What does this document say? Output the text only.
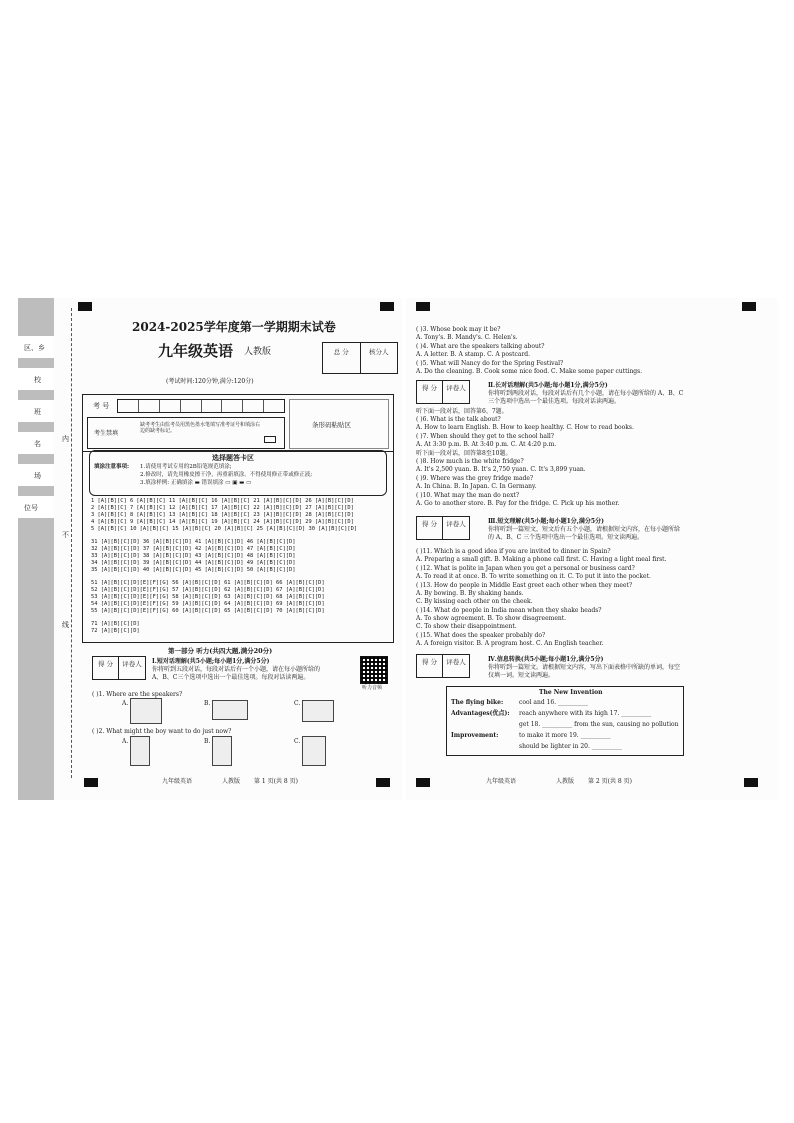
区、乡
校
班
名
场
位号
内
不
线
2024-2025学年度第一学期期末试卷
九年级英语 人教版	总 分	核分人
(考试时间:120分钟,满分:120分)
考 号
考生禁填
缺考考生由监考员用黑色墨水笔填写准考证号和填涂右边的缺考标记。
条形码粘贴区
选择题答卡区
填涂注意事项: 1.请使用考试专用的2B铅笔规范填涂;
2.修改时，请先用橡皮擦干净，再重新填涂。不得使用修正带或修正液;
3.填涂样例: 正确填涂 ▬ 错误填涂 ▭ ▣ ▬ ▭
1 [A][B][C] 6 [A][B][C] 11 [A][B][C] 16 [A][B][C] 21 [A][B][C][D] 26 [A][B][C][D]
2 [A][B][C] 7 [A][B][C] 12 [A][B][C] 17 [A][B][C] 22 [A][B][C][D] 27 [A][B][C][D]
3 [A][B][C] 8 [A][B][C] 13 [A][B][C] 18 [A][B][C] 23 [A][B][C][D] 28 [A][B][C][D]
4 [A][B][C] 9 [A][B][C] 14 [A][B][C] 19 [A][B][C] 24 [A][B][C][D] 29 [A][B][C][D]
5 [A][B][C] 10 [A][B][C] 15 [A][B][C] 20 [A][B][C] 25 [A][B][C][D] 30 [A][B][C][D]
31 [A][B][C][D] 36 [A][B][C][D] 41 [A][B][C][D] 46 [A][B][C][D]
32 [A][B][C][D] 37 [A][B][C][D] 42 [A][B][C][D] 47 [A][B][C][D]
33 [A][B][C][D] 38 [A][B][C][D] 43 [A][B][C][D] 48 [A][B][C][D]
34 [A][B][C][D] 39 [A][B][C][D] 44 [A][B][C][D] 49 [A][B][C][D]
35 [A][B][C][D] 40 [A][B][C][D] 45 [A][B][C][D] 50 [A][B][C][D]
51 [A][B][C][D][E][F][G] 56 [A][B][C][D] 61 [A][B][C][D] 66 [A][B][C][D]
52 [A][B][C][D][E][F][G] 57 [A][B][C][D] 62 [A][B][C][D] 67 [A][B][C][D]
53 [A][B][C][D][E][F][G] 58 [A][B][C][D] 63 [A][B][C][D] 68 [A][B][C][D]
54 [A][B][C][D][E][F][G] 59 [A][B][C][D] 64 [A][B][C][D] 69 [A][B][C][D]
55 [A][B][C][D][E][F][G] 60 [A][B][C][D] 65 [A][B][C][D] 70 [A][B][C][D]
71 [A][B][C][D]
72 [A][B][C][D]
第一部分 听力(共四大题,满分20分)
得 分	评卷人	Ⅰ.短对话理解(共5小题;每小题1分,满分5分)
你将听到五段对话，每段对话后有一个小题，请在每小题所给的
A、B、C三个选项中选出一个最佳选项。每段对话读两遍。
听力音频
( )1. Where are the speakers?
A.	B.	C.
( )2. What might the boy want to do just now?
A.	B.	C.
九年级英语	人教版 第 1 页(共 8 页)
( )3. Whose book may it be?
A. Tony's. B. Mandy's. C. Helen's.
( )4. What are the speakers talking about?
A. A letter. B. A stamp. C. A postcard.
( )5. What will Nancy do for the Spring Festival?
A. Do the cleaning. B. Cook some nice food. C. Make some paper cuttings.
得 分	评卷人	Ⅱ.长对话理解(共5小题;每小题1分,满分5分)
你将听到两段对话，每段对话后有几个小题，请在每小题所给的 A、B、C
三个选项中选出一个最佳选项。每段对话读两遍。
听下面一段对话，回答第6、7题。
( )6. What is the talk about?
A. How to learn English. B. How to keep healthy. C. How to read books.
( )7. When should they get to the school hall?
A. At 3:30 p.m. B. At 3:40 p.m. C. At 4:20 p.m.
听下面一段对话，回答第8至10题。
( )8. How much is the white fridge?
A. It's 2,500 yuan. B. It's 2,750 yuan. C. It's 3,899 yuan.
( )9. Where was the grey fridge made?
A. In China. B. In Japan. C. In Germany.
( )10. What may the man do next?
A. Go to another store. B. Pay for the fridge. C. Pick up his mother.
得 分	评卷人	Ⅲ.短文理解(共5小题;每小题1分,满分5分)
你将听到一篇短文，短文后有五个小题，请根据短文内容，在每小题所给
的 A、B、C 三个选项中选出一个最佳选项。短文读两遍。
( )11. Which is a good idea if you are invited to dinner in Spain?
A. Preparing a small gift. B. Making a phone call first. C. Having a light meal first.
( )12. What is polite in Japan when you get a personal or business card?
A. To read it at once. B. To write something on it. C. To put it into the pocket.
( )13. How do people in Middle East greet each other when they meet?
A. By bowing. B. By shaking hands.
C. By kissing each other on the cheek.
( )14. What do people in India mean when they shake heads?
A. To show agreement. B. To show disagreement.
C. To show their disappointment.
( )15. What does the speaker probably do?
A. A foreign visitor. B. A program host. C. An English teacher.
得 分	评卷人	Ⅳ.信息转换(共5小题;每小题1分,满分5分)
你将听到一篇短文。请根据短文内容，写出下面表格中所缺的单词，每空
仅填一词。短文读两遍。
The New Invention
The flying bike:	cool and 16. __________
Advantages(优点): reach anywhere with its high 17. __________
get 18. __________ from the sun, causing no pollution
Improvement:	to make it more 19. __________
should be lighter in 20. __________
九年级英语	人教版 第 2 页(共 8 页)
